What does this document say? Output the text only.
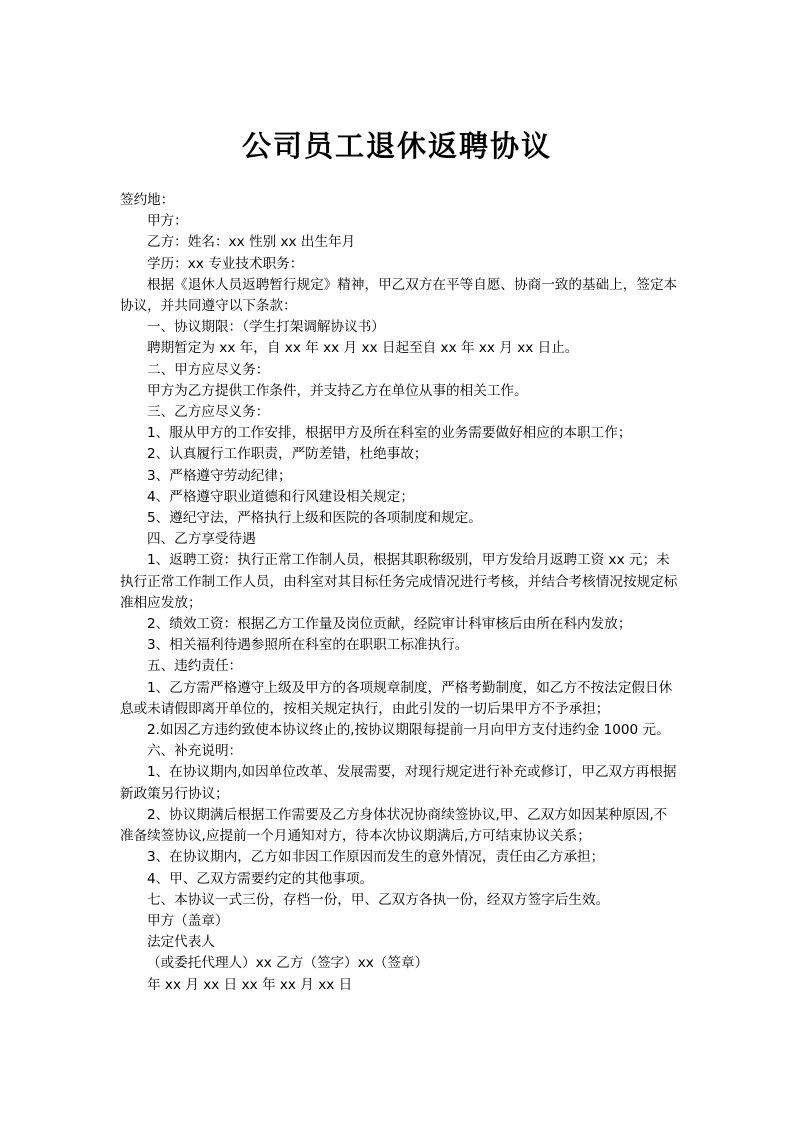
公司员工退休返聘协议

签约地：

甲方：

乙方：姓名：xx 性别 xx 出生年月

学历：xx 专业技术职务：

根据《退休人员返聘暂行规定》精神，甲乙双方在平等自愿、协商一致的基础上，签定本协议，并共同遵守以下条款：

一、协议期限：（学生打架调解协议书）

聘期暂定为 xx 年，自 xx 年 xx 月 xx 日起至自 xx 年 xx 月 xx 日止。

二、甲方应尽义务：

甲方为乙方提供工作条件，并支持乙方在单位从事的相关工作。

三、乙方应尽义务：

1、服从甲方的工作安排，根据甲方及所在科室的业务需要做好相应的本职工作；

2、认真履行工作职责，严防差错，杜绝事故；

3、严格遵守劳动纪律；

4、严格遵守职业道德和行风建设相关规定；

5、遵纪守法，严格执行上级和医院的各项制度和规定。

四、乙方享受待遇

1、返聘工资：执行正常工作制人员，根据其职称级别，甲方发给月返聘工资 xx 元；未执行正常工作制工作人员，由科室对其目标任务完成情况进行考核，并结合考核情况按规定标准相应发放；

2、绩效工资：根据乙方工作量及岗位贡献，经院审计科审核后由所在科内发放；

3、相关福利待遇参照所在科室的在职职工标准执行。

五、违约责任：

1、乙方需严格遵守上级及甲方的各项规章制度，严格考勤制度，如乙方不按法定假日休息或未请假即离开单位的，按相关规定执行，由此引发的一切后果甲方不予承担；

2.如因乙方违约致使本协议终止的,按协议期限每提前一月向甲方支付违约金 1000 元。

六、补充说明：

1、在协议期内,如因单位改革、发展需要，对现行规定进行补充或修订，甲乙双方再根据新政策另行协议；

2、协议期满后根据工作需要及乙方身体状况协商续签协议,甲、乙双方如因某种原因,不准备续签协议,应提前一个月通知对方，待本次协议期满后,方可结束协议关系；

3、在协议期内，乙方如非因工作原因而发生的意外情况，责任由乙方承担；

4、甲、乙双方需要约定的其他事项。

七、本协议一式三份，存档一份，甲、乙双方各执一份，经双方签字后生效。

甲方（盖章）

法定代表人

（或委托代理人）xx 乙方（签字）xx（签章）

年 xx 月 xx 日 xx 年 xx 月 xx 日
